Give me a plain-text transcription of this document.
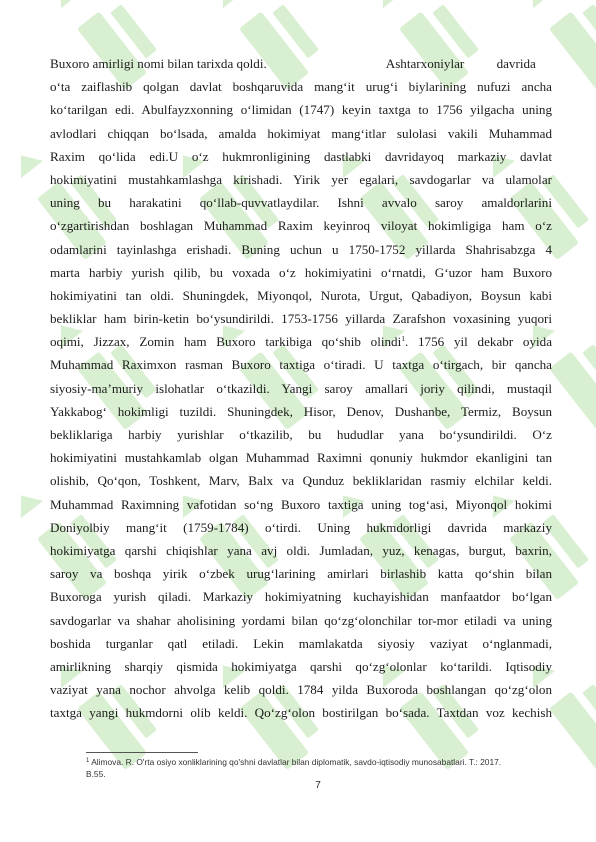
Buxoro amirligi nomi bilan tarixda qoldi.	Ashtarxoniylar davrida
o‘ta zaiflashib qolgan davlat boshqaruvida mang‘it urug‘i biylarining nufuzi ancha
ko‘tarilgan edi. Abulfayzxonning o‘limidan (1747) keyin taxtga to 1756 yilgacha uning
avlodlari chiqqan bo‘lsada, amalda hokimiyat mang‘itlar sulolasi vakili Muhammad
Raxim qo‘lida edi.U o‘z hukmronligining dastlabki davridayoq markaziy davlat
hokimiyatini mustahkamlashga kirishadi. Yirik yer egalari, savdogarlar va ulamolar
uning bu harakatini qo‘llab-quvvatlaydilar. Ishni avvalo saroy amaldorlarini
o‘zgartirishdan boshlagan Muhammad Raxim keyinroq viloyat hokimligiga ham o‘z
odamlarini tayinlashga erishadi. Buning uchun u 1750-1752 yillarda Shahrisabzga 4
marta harbiy yurish qilib, bu voxada o‘z hokimiyatini o‘rnatdi, G‘uzor ham Buxoro
hokimiyatini tan oldi. Shuningdek, Miyonqol, Nurota, Urgut, Qabadiyon, Boysun kabi
bekliklar ham birin-ketin bo‘ysundirildi. 1753-1756 yillarda Zarafshon voxasining yuqori
oqimi, Jizzax, Zomin ham Buxoro tarkibiga qo‘shib olindi$^1$. 1756 yil dekabr oyida
Muhammad Raximxon rasman Buxoro taxtiga o‘tiradi. U taxtga o‘tirgach, bir qancha
siyosiy-ma’muriy islohatlar o‘tkazildi. Yangi saroy amallari joriy qilindi, mustaqil
Yakkabog‘ hokimligi tuzildi. Shuningdek, Hisor, Denov, Dushanbe, Termiz, Boysun
bekliklariga harbiy yurishlar o‘tkazilib, bu hududlar yana bo‘ysundirildi. O‘z
hokimiyatini mustahkamlab olgan Muhammad Raximni qonuniy hukmdor ekanligini tan
olishib, Qo‘qon, Toshkent, Marv, Balx va Qunduz bekliklaridan rasmiy elchilar keldi.
Muhammad Raximning vafotidan so‘ng Buxoro taxtiga uning tog‘asi, Miyonqol hokimi
Doniyolbiy mang‘it (1759-1784) o‘tirdi. Uning hukmdorligi davrida markaziy
hokimiyatga qarshi chiqishlar yana avj oldi. Jumladan, yuz, kenagas, burgut, baxrin,
saroy va boshqa yirik o‘zbek urug‘larining amirlari birlashib katta qo‘shin bilan
Buxoroga yurish qiladi. Markaziy hokimiyatning kuchayishidan manfaatdor bo‘lgan
savdogarlar va shahar aholisining yordami bilan qo‘zg‘olonchilar tor-mor etiladi va uning
boshida turganlar qatl etiladi. Lekin mamlakatda siyosiy vaziyat o‘nglanmadi,
amirlikning sharqiy qismida hokimiyatga qarshi qo‘zg‘olonlar ko‘tarildi. Iqtisodiy
vaziyat yana nochor ahvolga kelib qoldi. 1784 yilda Buxoroda boshlangan qo‘zg‘olon
taxtga yangi hukmdorni olib keldi. Qo‘zg‘olon bostirilgan bo‘sada. Taxtdan voz kechish
$^1$ Alimova. R. O'rta osiyo xonliklarining qo'shni davlatlar bilan diplomatik, savdo-iqtisodiy munosabatlari. T.: 2017.
B.55.
7
